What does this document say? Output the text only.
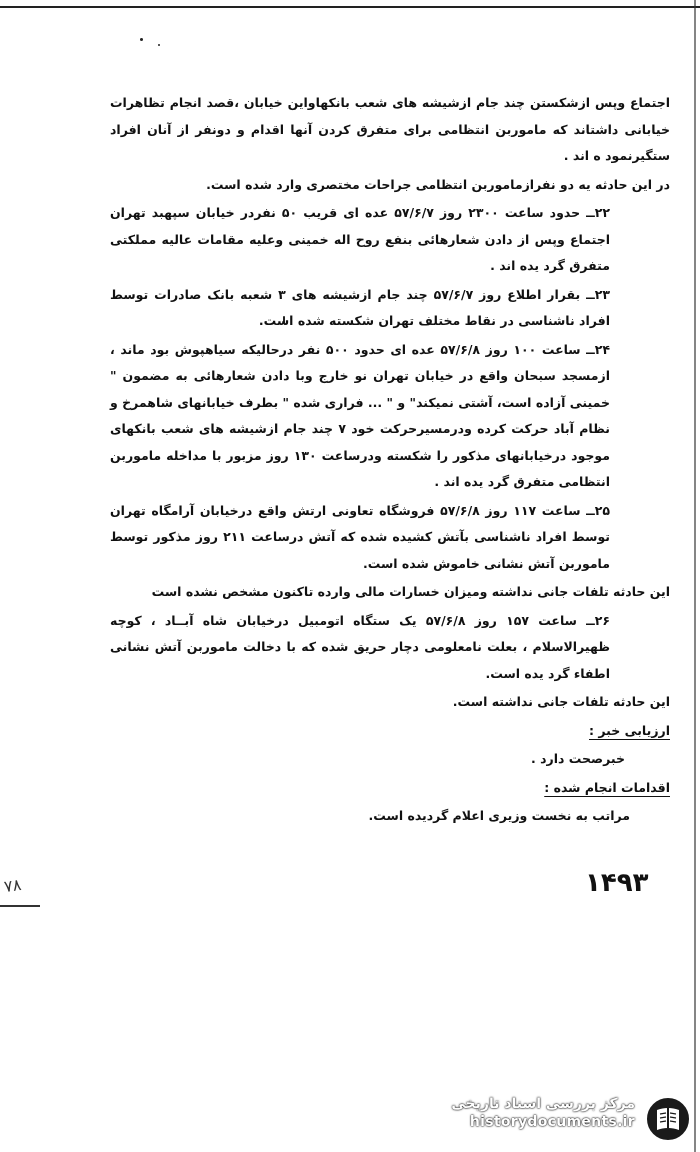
اجتماع وپس ازشکستن چند جام ازشیشه های شعب بانکهاواین خیابان ،قصد انجام تظاهرات خیابانی داشتاند که ماموربن انتظامی برای متفرق کردن آنها اقدام و دونفر از آنان افراد ستگیرنمود ه اند .

در این حادثه یه دو نفرازماموربن انتظامی جراحات مختصری وارد شده است.

۲۲ــ حدود ساعت ۲۳۰۰ روز ۵۷/۶/۷ عده ای قریب ۵۰ نفردر خیابان سپهبد تهران اجتماع وپس از دادن شعارهائی بنفع روح اله خمینی وعلیه مقامات عالیه مملکتی متفرق گرد یده اند .

۲۳ــ بقرار اطلاع روز ۵۷/۶/۷ چند جام ازشیشه های ۳ شعبه بانک صادرات توسط افراد ناشناسی در نقاط مختلف تهران شکسته شده است.

۲۴ــ ساعت ۱۰۰ روز ۵۷/۶/۸ عده ای حدود ۵۰۰ نفر درحالیکه سیاهپوش بود ماند ، ازمسجد سبحان واقع در خیابان تهران نو خارج وبا دادن شعارهائی به مضمون " خمینی آزاده است، آشتی نمیکند" و " ... فراری شده " بطرف خیابانهای شاهمرخ و نظام آباد حرکت کرده ودرمسیرحرکت خود ۷ چند جام ازشیشه های شعب بانکهای موجود درخیابانهای مذکور را شکسته ودرساعت ۱۳۰ روز مزبور با مداخله ماموربن انتظامی متفرق گرد یده اند .

۲۵ــ ساعت ۱۱۷ روز ۵۷/۶/۸ فروشگاه تعاونی ارتش واقع درخیابان آرامگاه تهران توسط افراد ناشناسی بآتش کشیده شده که آتش درساعت ۲۱۱ روز مذکور توسط ماموربن آتش نشانی خاموش شده است.

این حادثه تلفات جانی نداشته ومیزان خسارات مالی وارده تاکنون مشخص نشده است

۲۶ــ ساعت ۱۵۷ روز ۵۷/۶/۸ یک ستگاه اتومبیل درخیابان شاه آبــاد ، کوچه ظهیرالاسلام ، بعلت نامعلومی دچار حریق شده که با دخالت ماموربن آتش نشانی اطفاء گرد یده است.

این حادثه تلفات جانی نداشته است.

ارزیابی خبر :

خبرصحت دارد .

اقدامات انجام شده :

مراتب به نخست وزیری اعلام گردیده است.

۱۴۹۳
۷۸
مرکز بررسی اسناد تاریخی
historydocuments.ir
